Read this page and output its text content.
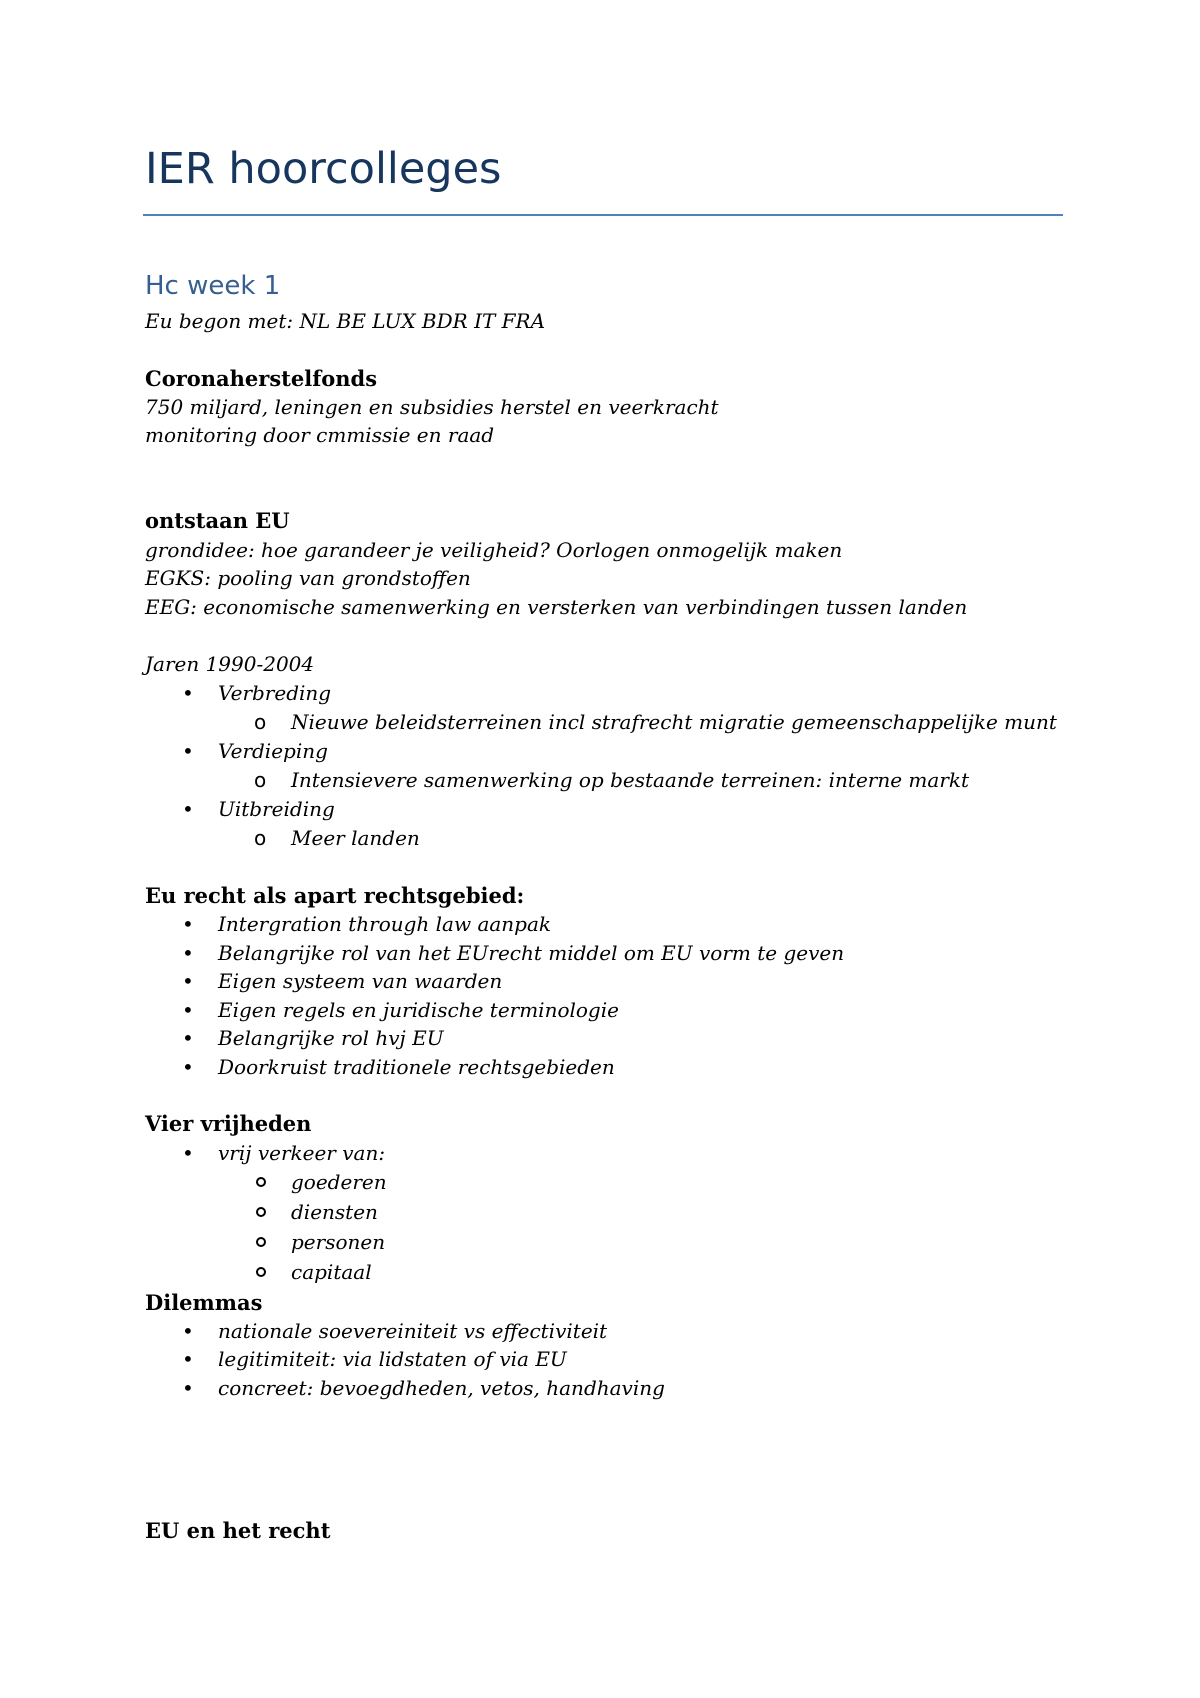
IER hoorcolleges
Hc week 1

Eu begon met: NL BE LUX BDR IT FRA

Coronaherstelfonds

750 miljard, leningen en subsidies herstel en veerkracht

monitoring door cmmissie en raad

ontstaan EU

grondidee: hoe garandeer je veiligheid? Oorlogen onmogelijk maken

EGKS: pooling van grondstoffen

EEG: economische samenwerking en versterken van verbindingen tussen landen

Jaren 1990-2004

• Verbreding

o Nieuwe beleidsterreinen incl strafrecht migratie gemeenschappelijke munt

• Verdieping

o Intensievere samenwerking op bestaande terreinen: interne markt

• Uitbreiding

o Meer landen

Eu recht als apart rechtsgebied:

• Intergration through law aanpak

• Belangrijke rol van het EUrecht middel om EU vorm te geven

• Eigen systeem van waarden

• Eigen regels en juridische terminologie

• Belangrijke rol hvj EU

• Doorkruist traditionele rechtsgebieden

Vier vrijheden

• vrij verkeer van:

goederen

diensten

personen

capitaal

Dilemmas

• nationale soevereiniteit vs effectiviteit

• legitimiteit: via lidstaten of via EU

• concreet: bevoegdheden, vetos, handhaving

EU en het recht
